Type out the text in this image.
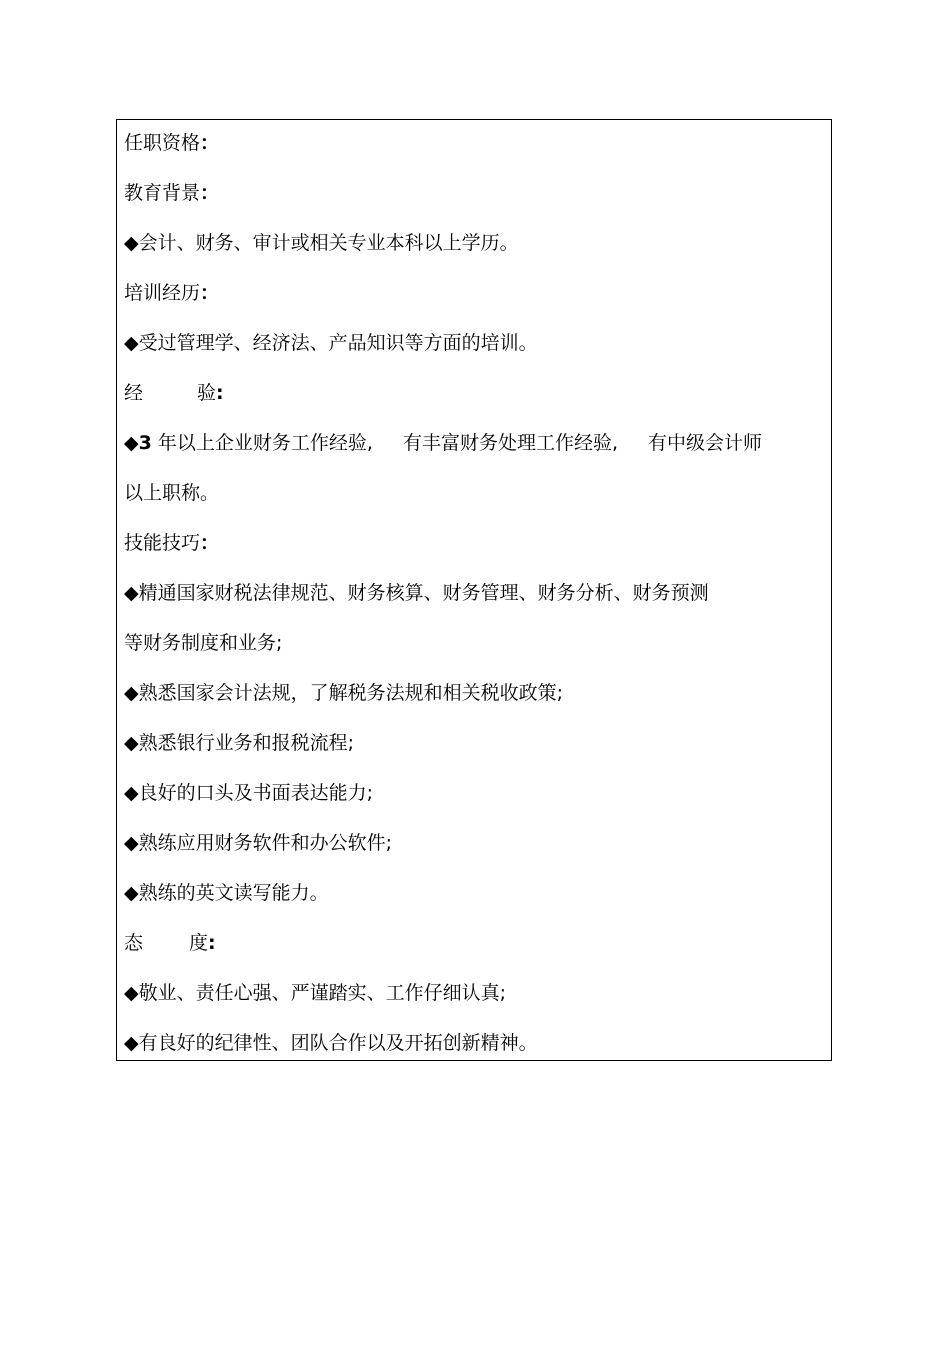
任职资格：
教育背景：
◆会计、财务、审计或相关专业本科以上学历。
培训经历：
◆受过管理学、经济法、产品知识等方面的培训。
经	验:
◆3 年以上企业财务工作经验, 有丰富财务处理工作经验, 有中级会计师
以上职称。
技能技巧：
◆精通国家财税法律规范、财务核算、财务管理、财务分析、财务预测
等财务制度和业务;
◆熟悉国家会计法规，了解税务法规和相关税收政策;
◆熟悉银行业务和报税流程;
◆良好的口头及书面表达能力;
◆熟练应用财务软件和办公软件;
◆熟练的英文读写能力。
态 度:
◆敬业、责任心强、严谨踏实、工作仔细认真;
◆有良好的纪律性、团队合作以及开拓创新精神。
